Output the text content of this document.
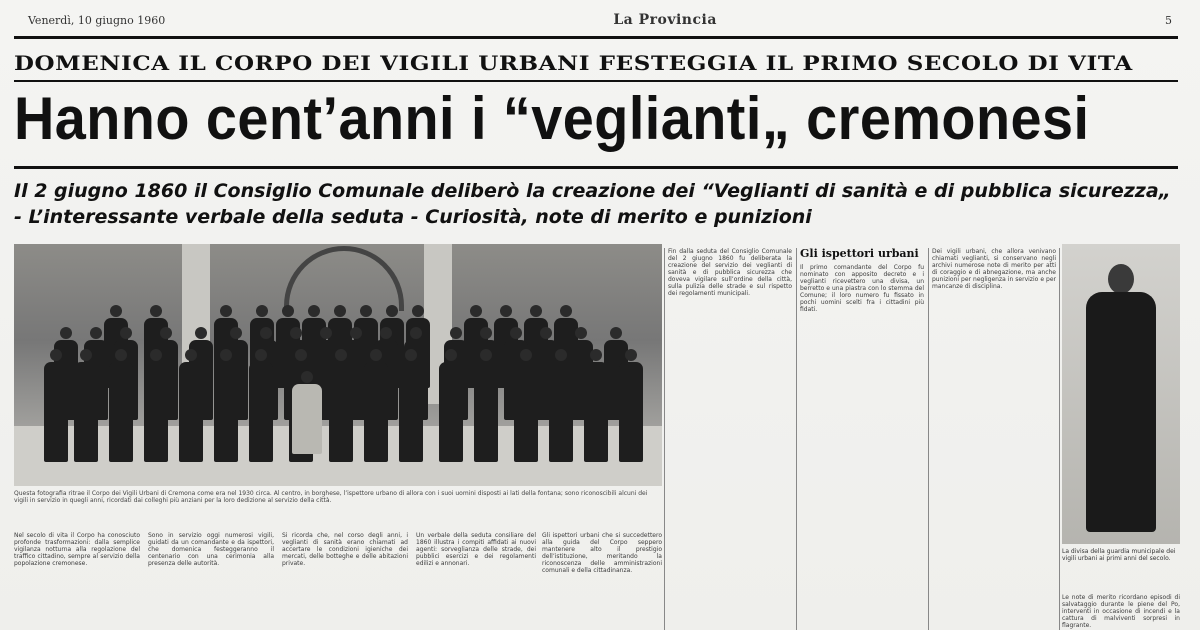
Venerdì, 10 giugno 1960	La Provincia	5
DOMENICA IL CORPO DEI VIGILI URBANI FESTEGGIA IL PRIMO SECOLO DI VITA
Hanno cent’anni i “veglianti„ cremonesi
Il 2 giugno 1860 il Consiglio Comunale deliberò la creazione dei “Veglianti di sanità e di pubblica sicurezza„ - L’interessante verbale della seduta - Curiosità, note di merito e punizioni
Questa fotografia ritrae il Corpo dei Vigili Urbani di Cremona come era nel 1930 circa. Al centro, in borghese, l’ispettore urbano di allora con i suoi uomini disposti ai lati della fontana; sono riconoscibili alcuni dei vigili in servizio in quegli anni, ricordati dai colleghi più anziani per la loro dedizione al servizio della città.
Gli ispettori urbani
Fin dalla seduta del Consiglio Comunale del 2 giugno 1860 fu deliberata la creazione del servizio dei veglianti di sanità e di pubblica sicurezza che doveva vigilare sull’ordine della città, sulla pulizia delle strade e sul rispetto dei regolamenti municipali.
Il primo comandante del Corpo fu nominato con apposito decreto e i veglianti ricevettero una divisa, un berretto e una piastra con lo stemma del Comune; il loro numero fu fissato in pochi uomini scelti fra i cittadini più fidati.
Dei vigili urbani, che allora venivano chiamati veglianti, si conservano negli archivi numerose note di merito per atti di coraggio e di abnegazione, ma anche punizioni per negligenza in servizio e per mancanze di disciplina.
Nel secolo di vita il Corpo ha conosciuto profonde trasformazioni: dalla semplice vigilanza notturna alla regolazione del traffico cittadino, sempre al servizio della popolazione cremonese.
Sono in servizio oggi numerosi vigili, guidati da un comandante e da ispettori, che domenica festeggeranno il centenario con una cerimonia alla presenza delle autorità.
Si ricorda che, nel corso degli anni, i veglianti di sanità erano chiamati ad accertare le condizioni igieniche dei mercati, delle botteghe e delle abitazioni private.
Un verbale della seduta consiliare del 1860 illustra i compiti affidati ai nuovi agenti: sorveglianza delle strade, dei pubblici esercizi e dei regolamenti edilizi e annonari.
Gli ispettori urbani che si succedettero alla guida del Corpo seppero mantenere alto il prestigio dell’istituzione, meritando la riconoscenza delle amministrazioni comunali e della cittadinanza.
Le note di merito ricordano episodi di salvataggio durante le piene del Po, interventi in occasione di incendi e la cattura di malviventi sorpresi in flagrante.
La divisa della guardia municipale dei vigili urbani ai primi anni del secolo.
